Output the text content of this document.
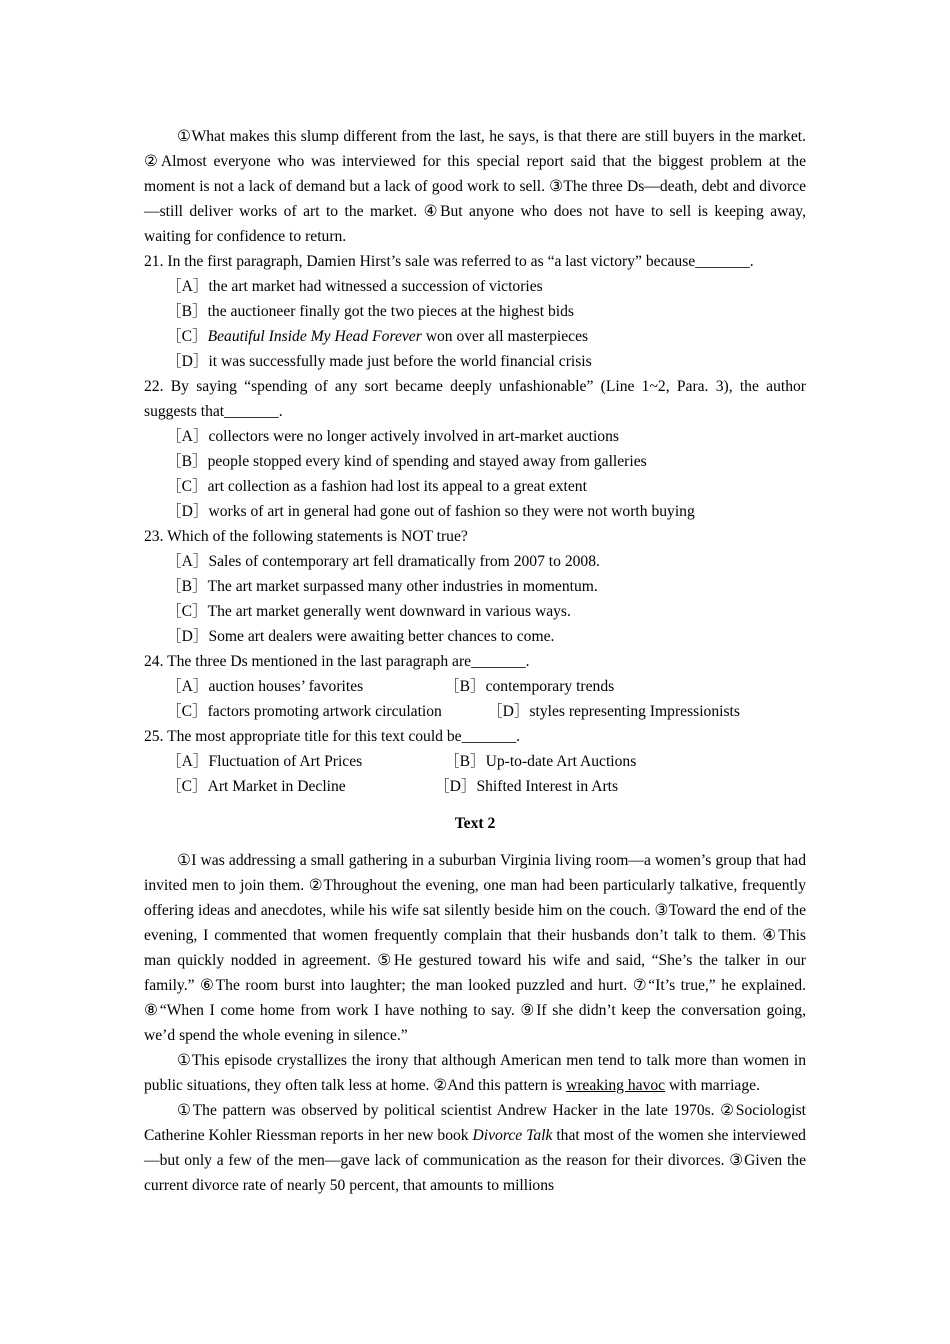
①What makes this slump different from the last, he says, is that there are still buyers in the market. ②Almost everyone who was interviewed for this special report said that the biggest problem at the moment is not a lack of demand but a lack of good work to sell. ③The three Ds—death, debt and divorce—still deliver works of art to the market. ④But anyone who does not have to sell is keeping away, waiting for confidence to return.

21. In the first paragraph, Damien Hirst’s sale was referred to as “a last victory” because_______.
［A］the art market had witnessed a succession of victories
［B］the auctioneer finally got the two pieces at the highest bids
［C］Beautiful Inside My Head Forever won over all masterpieces
［D］it was successfully made just before the world financial crisis
22. By saying “spending of any sort became deeply unfashionable” (Line 1~2, Para. 3), the author suggests that_______.
［A］collectors were no longer actively involved in art-market auctions
［B］people stopped every kind of spending and stayed away from galleries
［C］art collection as a fashion had lost its appeal to a great extent
［D］works of art in general had gone out of fashion so they were not worth buying
23. Which of the following statements is NOT true?
［A］Sales of contemporary art fell dramatically from 2007 to 2008.
［B］The art market surpassed many other industries in momentum.
［C］The art market generally went downward in various ways.
［D］Some art dealers were awaiting better chances to come.
24. The three Ds mentioned in the last paragraph are_______.
［A］auction houses’ favorites	［B］contemporary trends
［C］factors promoting artwork circulation	［D］styles representing Impressionists
25. The most appropriate title for this text could be_______.
［A］Fluctuation of Art Prices	［B］Up-to-date Art Auctions
［C］Art Market in Decline	［D］Shifted Interest in Arts
Text 2

①I was addressing a small gathering in a suburban Virginia living room—a women’s group that had invited men to join them. ②Throughout the evening, one man had been particularly talkative, frequently offering ideas and anecdotes, while his wife sat silently beside him on the couch. ③Toward the end of the evening, I commented that women frequently complain that their husbands don’t talk to them. ④This man quickly nodded in agreement. ⑤He gestured toward his wife and said, “She’s the talker in our family.” ⑥The room burst into laughter; the man looked puzzled and hurt. ⑦“It’s true,” he explained. ⑧“When I come home from work I have nothing to say. ⑨If she didn’t keep the conversation going, we’d spend the whole evening in silence.”

①This episode crystallizes the irony that although American men tend to talk more than women in public situations, they often talk less at home. ②And this pattern is wreaking havoc with marriage.

①The pattern was observed by political scientist Andrew Hacker in the late 1970s. ②Sociologist Catherine Kohler Riessman reports in her new book Divorce Talk that most of the women she interviewed—but only a few of the men—gave lack of communication as the reason for their divorces. ③Given the current divorce rate of nearly 50 percent, that amounts to millions
